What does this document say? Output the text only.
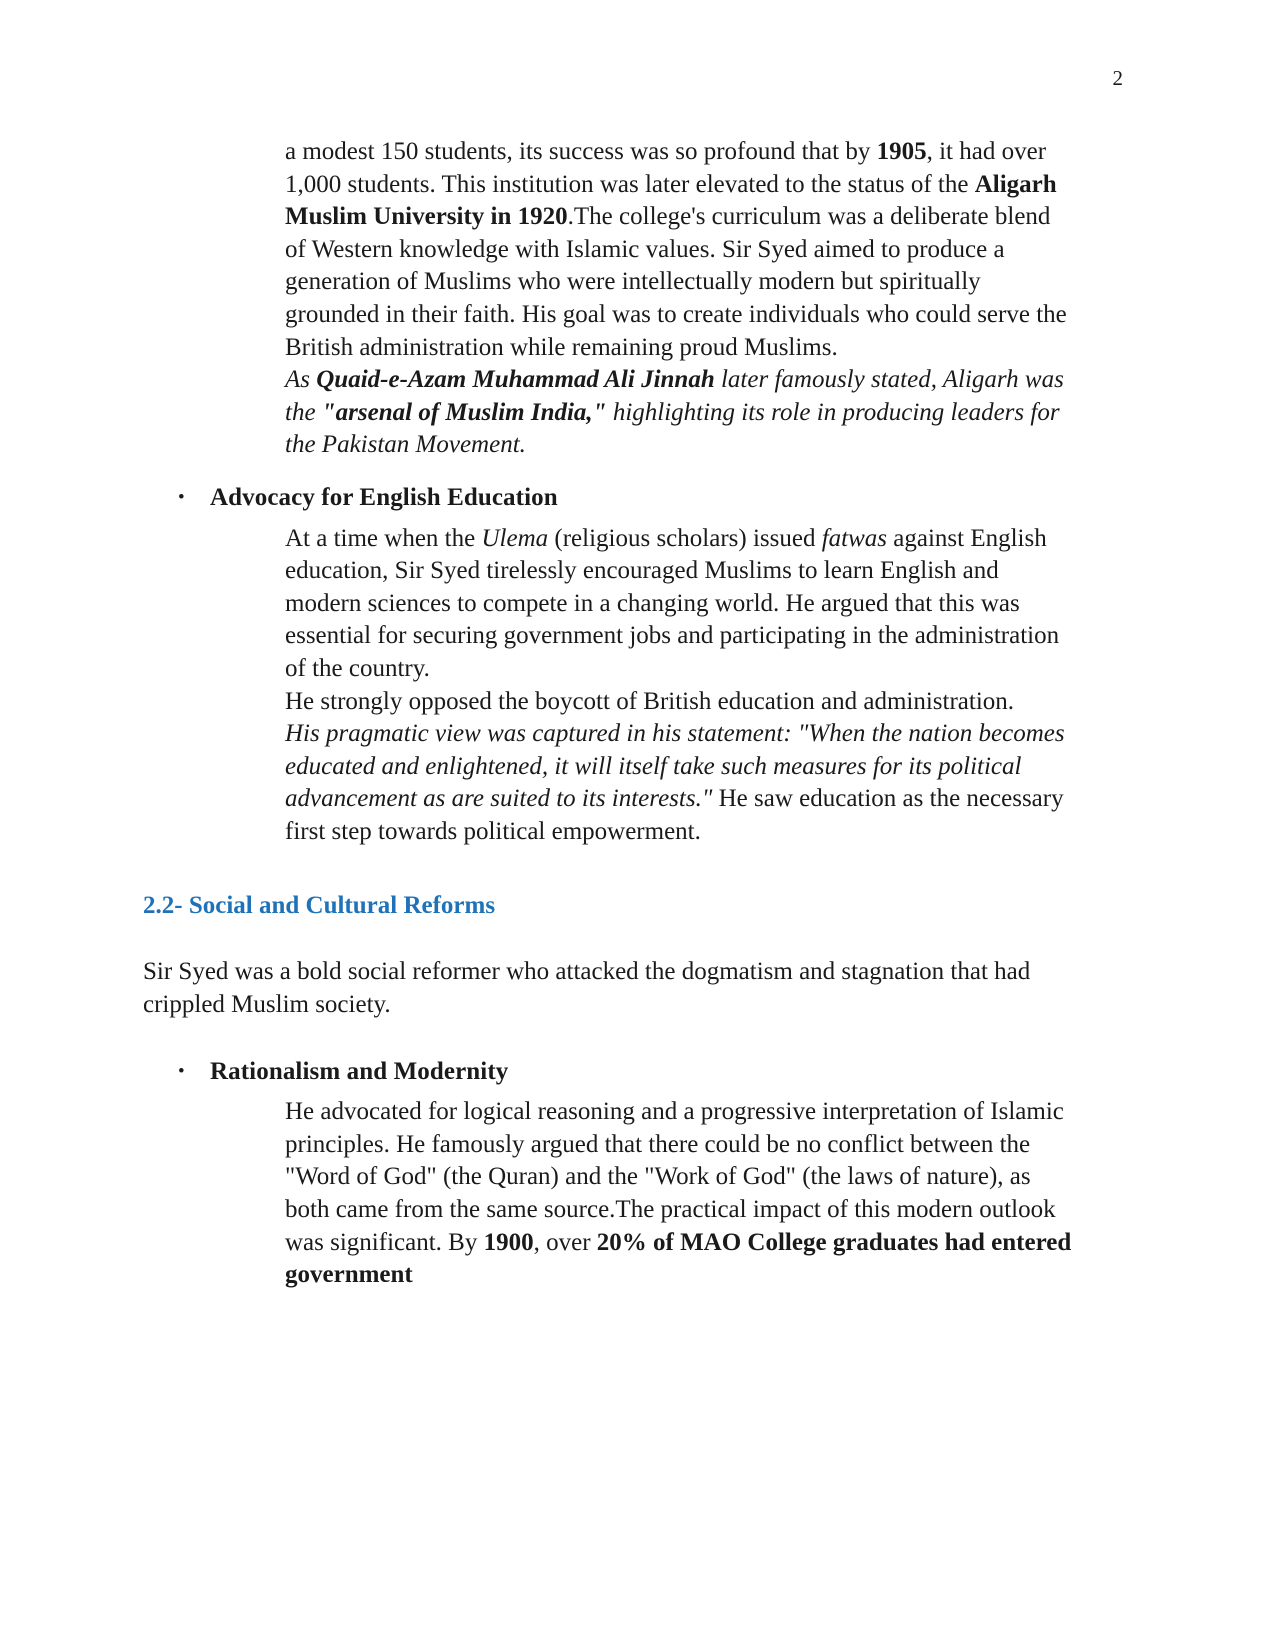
2

a modest 150 students, its success was so profound that by 1905, it had over 1,000 students. This institution was later elevated to the status of the Aligarh Muslim University in 1920.The college's curriculum was a deliberate blend of Western knowledge with Islamic values. Sir Syed aimed to produce a generation of Muslims who were intellectually modern but spiritually grounded in their faith. His goal was to create individuals who could serve the British administration while remaining proud Muslims.

As Quaid-e-Azam Muhammad Ali Jinnah later famously stated, Aligarh was the "arsenal of Muslim India," highlighting its role in producing leaders for the Pakistan Movement.

• Advocacy for English Education

At a time when the Ulema (religious scholars) issued fatwas against English education, Sir Syed tirelessly encouraged Muslims to learn English and modern sciences to compete in a changing world. He argued that this was essential for securing government jobs and participating in the administration of the country.

He strongly opposed the boycott of British education and administration.

His pragmatic view was captured in his statement: "When the nation becomes educated and enlightened, it will itself take such measures for its political advancement as are suited to its interests." He saw education as the necessary first step towards political empowerment.

2.2- Social and Cultural Reforms

Sir Syed was a bold social reformer who attacked the dogmatism and stagnation that had crippled Muslim society.

• Rationalism and Modernity

He advocated for logical reasoning and a progressive interpretation of Islamic principles. He famously argued that there could be no conflict between the "Word of God" (the Quran) and the "Work of God" (the laws of nature), as both came from the same source.The practical impact of this modern outlook was significant. By 1900, over 20% of MAO College graduates had entered government
